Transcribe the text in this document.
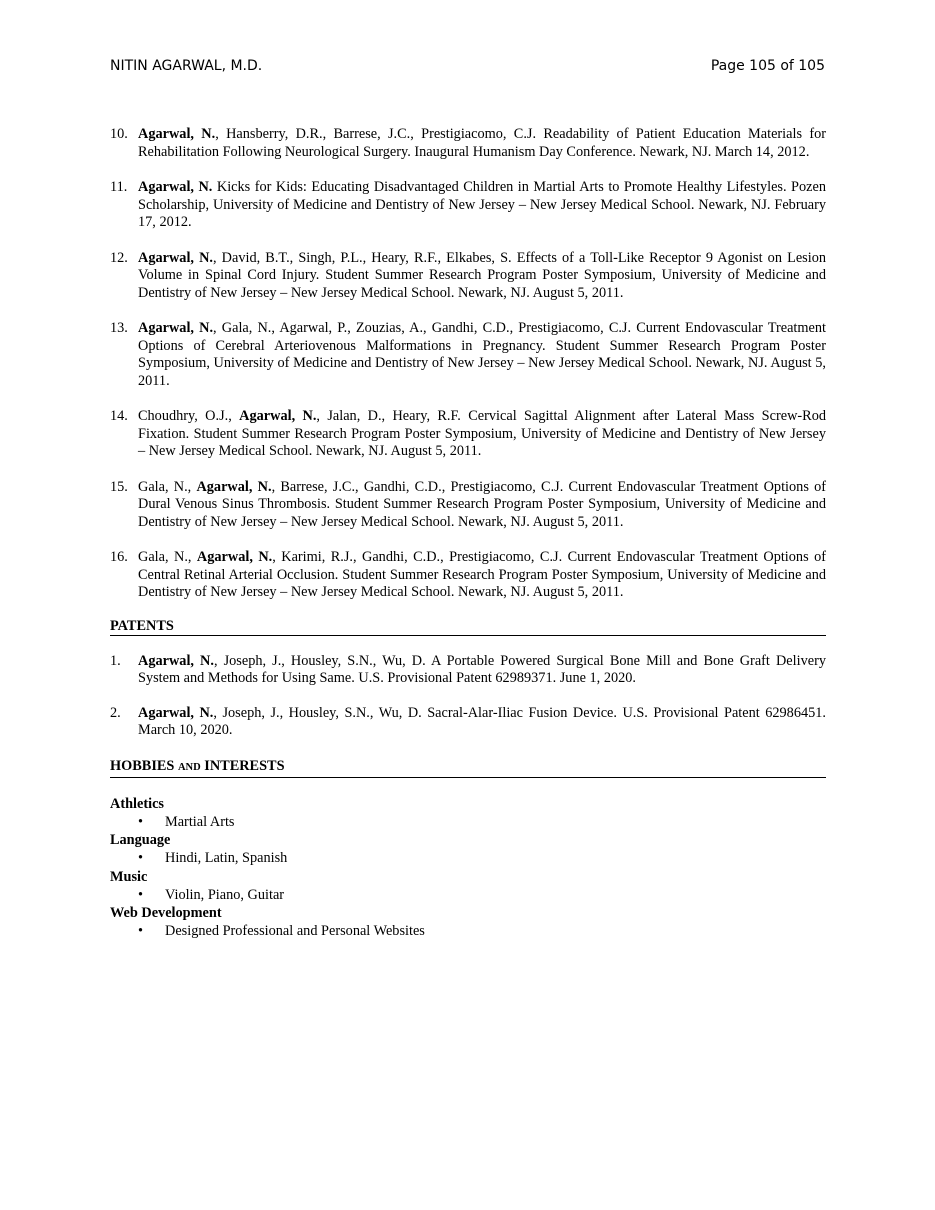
NITIN AGARWAL, M.D.	Page 105 of 105
10. Agarwal, N., Hansberry, D.R., Barrese, J.C., Prestigiacomo, C.J. Readability of Patient Education Materials for Rehabilitation Following Neurological Surgery. Inaugural Humanism Day Conference. Newark, NJ. March 14, 2012.
11. Agarwal, N. Kicks for Kids: Educating Disadvantaged Children in Martial Arts to Promote Healthy Lifestyles. Pozen Scholarship, University of Medicine and Dentistry of New Jersey – New Jersey Medical School. Newark, NJ. February 17, 2012.
12. Agarwal, N., David, B.T., Singh, P.L., Heary, R.F., Elkabes, S. Effects of a Toll-Like Receptor 9 Agonist on Lesion Volume in Spinal Cord Injury. Student Summer Research Program Poster Symposium, University of Medicine and Dentistry of New Jersey – New Jersey Medical School. Newark, NJ. August 5, 2011.
13. Agarwal, N., Gala, N., Agarwal, P., Zouzias, A., Gandhi, C.D., Prestigiacomo, C.J. Current Endovascular Treatment Options of Cerebral Arteriovenous Malformations in Pregnancy. Student Summer Research Program Poster Symposium, University of Medicine and Dentistry of New Jersey – New Jersey Medical School. Newark, NJ. August 5, 2011.
14. Choudhry, O.J., Agarwal, N., Jalan, D., Heary, R.F. Cervical Sagittal Alignment after Lateral Mass Screw-Rod Fixation. Student Summer Research Program Poster Symposium, University of Medicine and Dentistry of New Jersey – New Jersey Medical School. Newark, NJ. August 5, 2011.
15. Gala, N., Agarwal, N., Barrese, J.C., Gandhi, C.D., Prestigiacomo, C.J. Current Endovascular Treatment Options of Dural Venous Sinus Thrombosis. Student Summer Research Program Poster Symposium, University of Medicine and Dentistry of New Jersey – New Jersey Medical School. Newark, NJ. August 5, 2011.
16. Gala, N., Agarwal, N., Karimi, R.J., Gandhi, C.D., Prestigiacomo, C.J. Current Endovascular Treatment Options of Central Retinal Arterial Occlusion. Student Summer Research Program Poster Symposium, University of Medicine and Dentistry of New Jersey – New Jersey Medical School. Newark, NJ. August 5, 2011.
PATENTS
1.	Agarwal, N., Joseph, J., Housley, S.N., Wu, D. A Portable Powered Surgical Bone Mill and Bone Graft Delivery System and Methods for Using Same. U.S. Provisional Patent 62989371. June 1, 2020.
2.	Agarwal, N., Joseph, J., Housley, S.N., Wu, D. Sacral-Alar-Iliac Fusion Device. U.S. Provisional Patent 62986451. March 10, 2020.
HOBBIES AND INTERESTS
Athletics
•	Martial Arts
Language
•	Hindi, Latin, Spanish
Music
•	Violin, Piano, Guitar
Web Development
•	Designed Professional and Personal Websites
